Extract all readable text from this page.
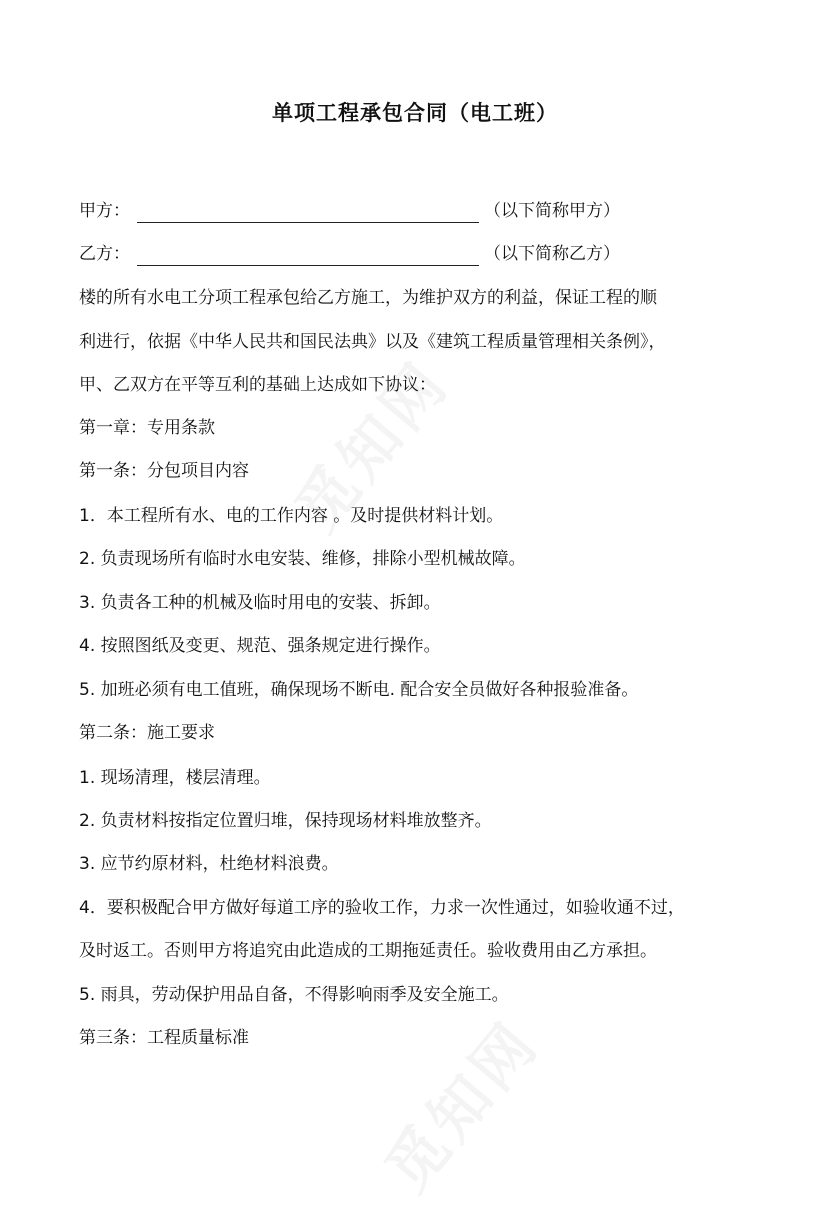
单项工程承包合同（电工班）
甲方：	（以下简称甲方）
乙方：	（以下简称乙方）
楼的所有水电工分项工程承包给乙方施工，为维护双方的利益，保证工程的顺
利进行，依据《中华人民共和国民法典》以及《建筑工程质量管理相关条例》，
甲、乙双方在平等互利的基础上达成如下协议：
第一章：专用条款
第一条：分包项目内容
1．本工程所有水、电的工作内容 。及时提供材料计划。
2. 负责现场所有临时水电安装、维修，排除小型机械故障。
3. 负责各工种的机械及临时用电的安装、拆卸。
4. 按照图纸及变更、规范、强条规定进行操作。
5. 加班必须有电工值班，确保现场不断电. 配合安全员做好各种报验准备。
第二条：施工要求
1. 现场清理，楼层清理。
2. 负责材料按指定位置归堆，保持现场材料堆放整齐。
3. 应节约原材料，杜绝材料浪费。
4．要积极配合甲方做好每道工序的验收工作，力求一次性通过，如验收通不过，
及时返工。否则甲方将追究由此造成的工期拖延责任。验收费用由乙方承担。
5. 雨具，劳动保护用品自备，不得影响雨季及安全施工。
第三条：工程质量标准
